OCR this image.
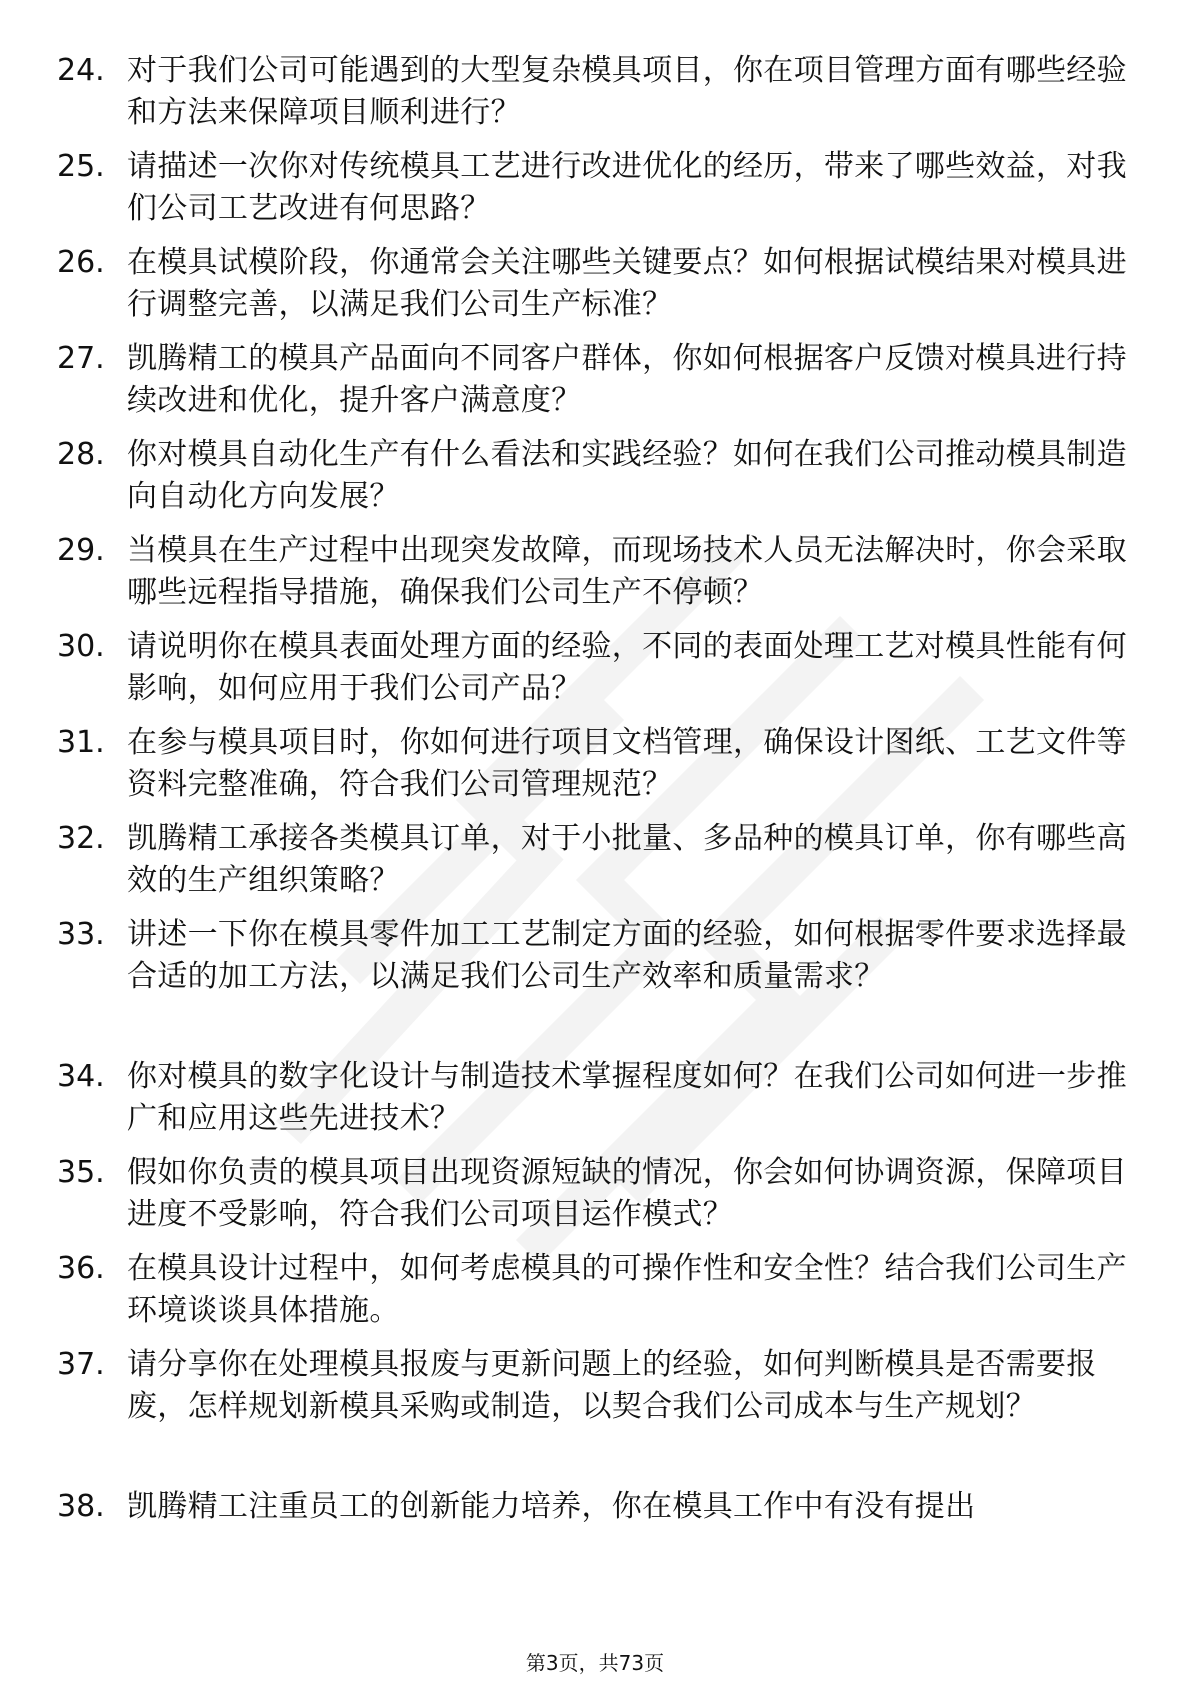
24. 对于我们公司可能遇到的大型复杂模具项目，你在项目管理方面有哪些经验和方法来保障项目顺利进行？
25. 请描述一次你对传统模具工艺进行改进优化的经历，带来了哪些效益，对我们公司工艺改进有何思路？
26. 在模具试模阶段，你通常会关注哪些关键要点？如何根据试模结果对模具进行调整完善，以满足我们公司生产标准？
27. 凯腾精工的模具产品面向不同客户群体，你如何根据客户反馈对模具进行持续改进和优化，提升客户满意度？
28. 你对模具自动化生产有什么看法和实践经验？如何在我们公司推动模具制造向自动化方向发展？
29. 当模具在生产过程中出现突发故障，而现场技术人员无法解决时，你会采取哪些远程指导措施，确保我们公司生产不停顿？
30. 请说明你在模具表面处理方面的经验，不同的表面处理工艺对模具性能有何影响，如何应用于我们公司产品？
31. 在参与模具项目时，你如何进行项目文档管理，确保设计图纸、工艺文件等资料完整准确，符合我们公司管理规范？
32. 凯腾精工承接各类模具订单，对于小批量、多品种的模具订单，你有哪些高效的生产组织策略？
33. 讲述一下你在模具零件加工工艺制定方面的经验，如何根据零件要求选择最合适的加工方法，以满足我们公司生产效率和质量需求？
34. 你对模具的数字化设计与制造技术掌握程度如何？在我们公司如何进一步推广和应用这些先进技术？
35. 假如你负责的模具项目出现资源短缺的情况，你会如何协调资源，保障项目进度不受影响，符合我们公司项目运作模式？
36. 在模具设计过程中，如何考虑模具的可操作性和安全性？结合我们公司生产环境谈谈具体措施。
37. 请分享你在处理模具报废与更新问题上的经验，如何判断模具是否需要报废，怎样规划新模具采购或制造，以契合我们公司成本与生产规划？
38. 凯腾精工注重员工的创新能力培养，你在模具工作中有没有提出
第3页，共73页
